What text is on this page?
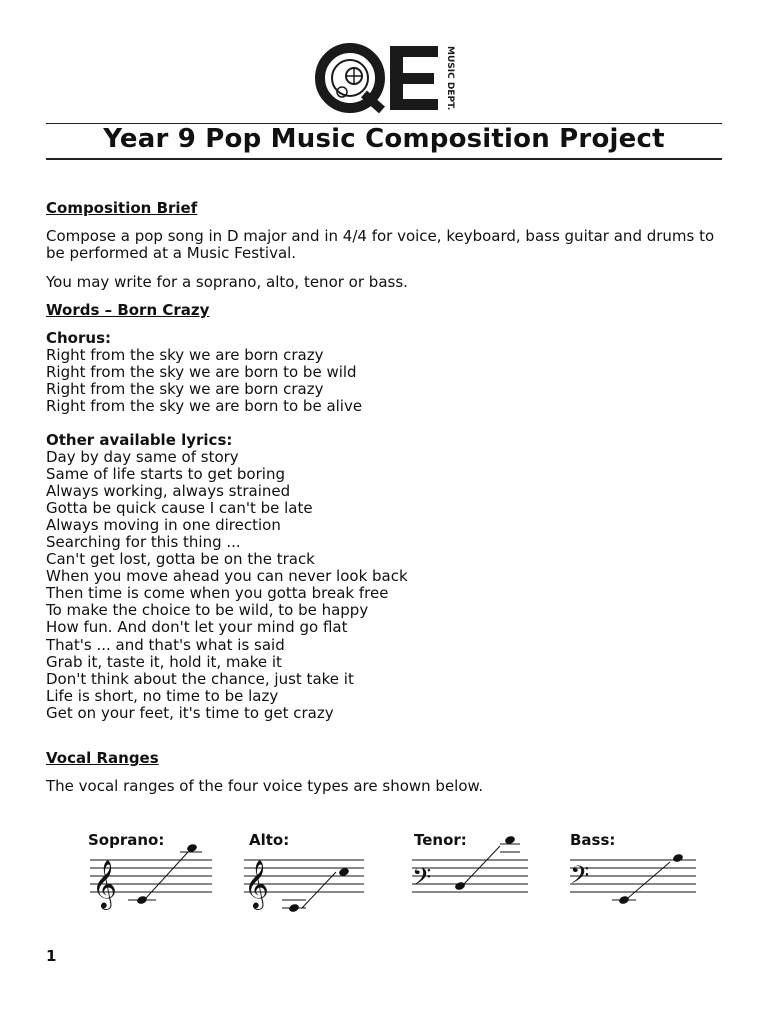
MUSIC DEPT.
Year 9 Pop Music Composition Project
Composition Brief
Compose a pop song in D major and in 4/4 for voice, keyboard, bass guitar and drums to be performed at a Music Festival.
You may write for a soprano, alto, tenor or bass.
Words – Born Crazy
Chorus:
Right from the sky we are born crazy
Right from the sky we are born to be wild
Right from the sky we are born crazy
Right from the sky we are born to be alive
Other available lyrics:
Day by day same of story
Same of life starts to get boring
Always working, always strained
Gotta be quick cause I can't be late
Always moving in one direction
Searching for this thing ...
Can't get lost, gotta be on the track
When you move ahead you can never look back
Then time is come when you gotta break free
To make the choice to be wild, to be happy
How fun. And don't let your mind go flat
That's ... and that's what is said
Grab it, taste it, hold it, make it
Don't think about the chance, just take it
Life is short, no time to be lazy
Get on your feet, it's time to get crazy
Vocal Ranges
The vocal ranges of the four voice types are shown below.
Soprano:	Alto:	Tenor:	Bass:
𝄞	𝄞	𝄢	𝄢
1
